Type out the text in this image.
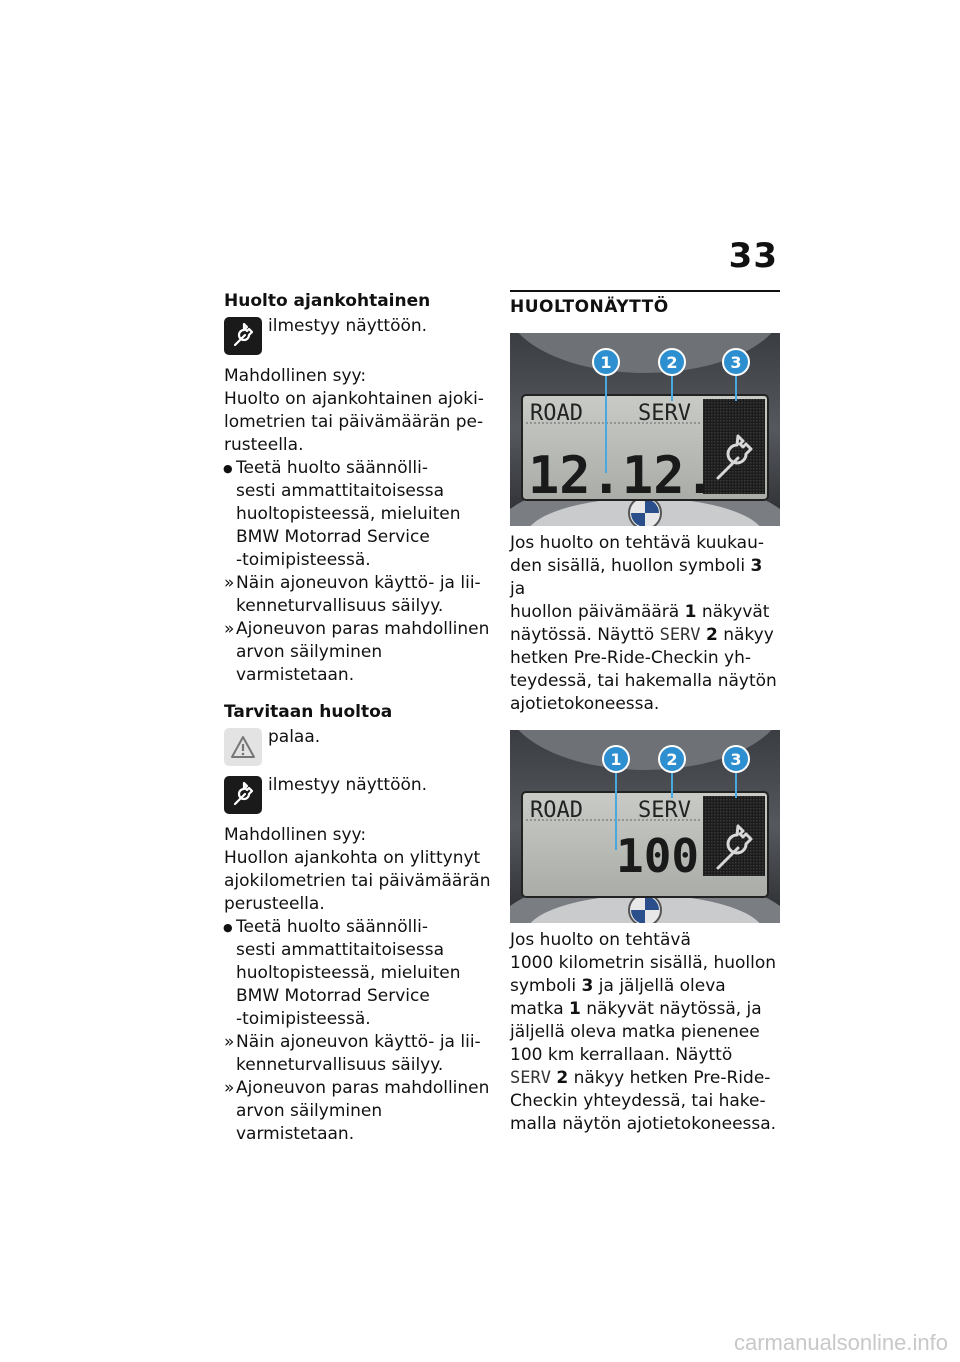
33
Huolto ajankohtainen
ilmestyy näyttöön.

Mahdollinen syy:

Huolto on ajankohtainen ajoki-

lometrien tai päivämäärän pe-

rusteella.

● Teetä huolto säännölli-
sesti ammattitaitoisessa
huoltopisteessä, mieluiten
BMW Motorrad Service
-toimipisteessä.
» Näin ajoneuvon käyttö- ja lii-
kenneturvallisuus säilyy.
» Ajoneuvon paras mahdollinen
arvon säilyminen varmistetaan.
Tarvitaan huoltoa
palaa.
ilmestyy näyttöön.

Mahdollinen syy:

Huollon ajankohta on ylittynyt

ajokilometrien tai päivämäärän

perusteella.

● Teetä huolto säännölli-
sesti ammattitaitoisessa
huoltopisteessä, mieluiten
BMW Motorrad Service
-toimipisteessä.
» Näin ajoneuvon käyttö- ja lii-
kenneturvallisuus säilyy.
» Ajoneuvon paras mahdollinen
arvon säilyminen varmistetaan.
HUOLTONÄYTTÖ
ROAD	SERV
12.12.
1	2	3

Jos huolto on tehtävä kuukau-

den sisällä, huollon symboli 3 ja

huollon päivämäärä 1 näkyvät

näytössä. Näyttö SERV 2 näkyy

hetken Pre-Ride-Checkin yh-

teydessä, tai hakemalla näytön

ajotietokoneessa.

ROAD	SERV
100
1	2	3

Jos huolto on tehtävä

1000 kilometrin sisällä, huollon

symboli 3 ja jäljellä oleva

matka 1 näkyvät näytössä, ja

jäljellä oleva matka pienenee

100 km kerrallaan. Näyttö

SERV 2 näkyy hetken Pre-Ride-

Checkin yhteydessä, tai hake-

malla näytön ajotietokoneessa.

carmanualsonline.info
